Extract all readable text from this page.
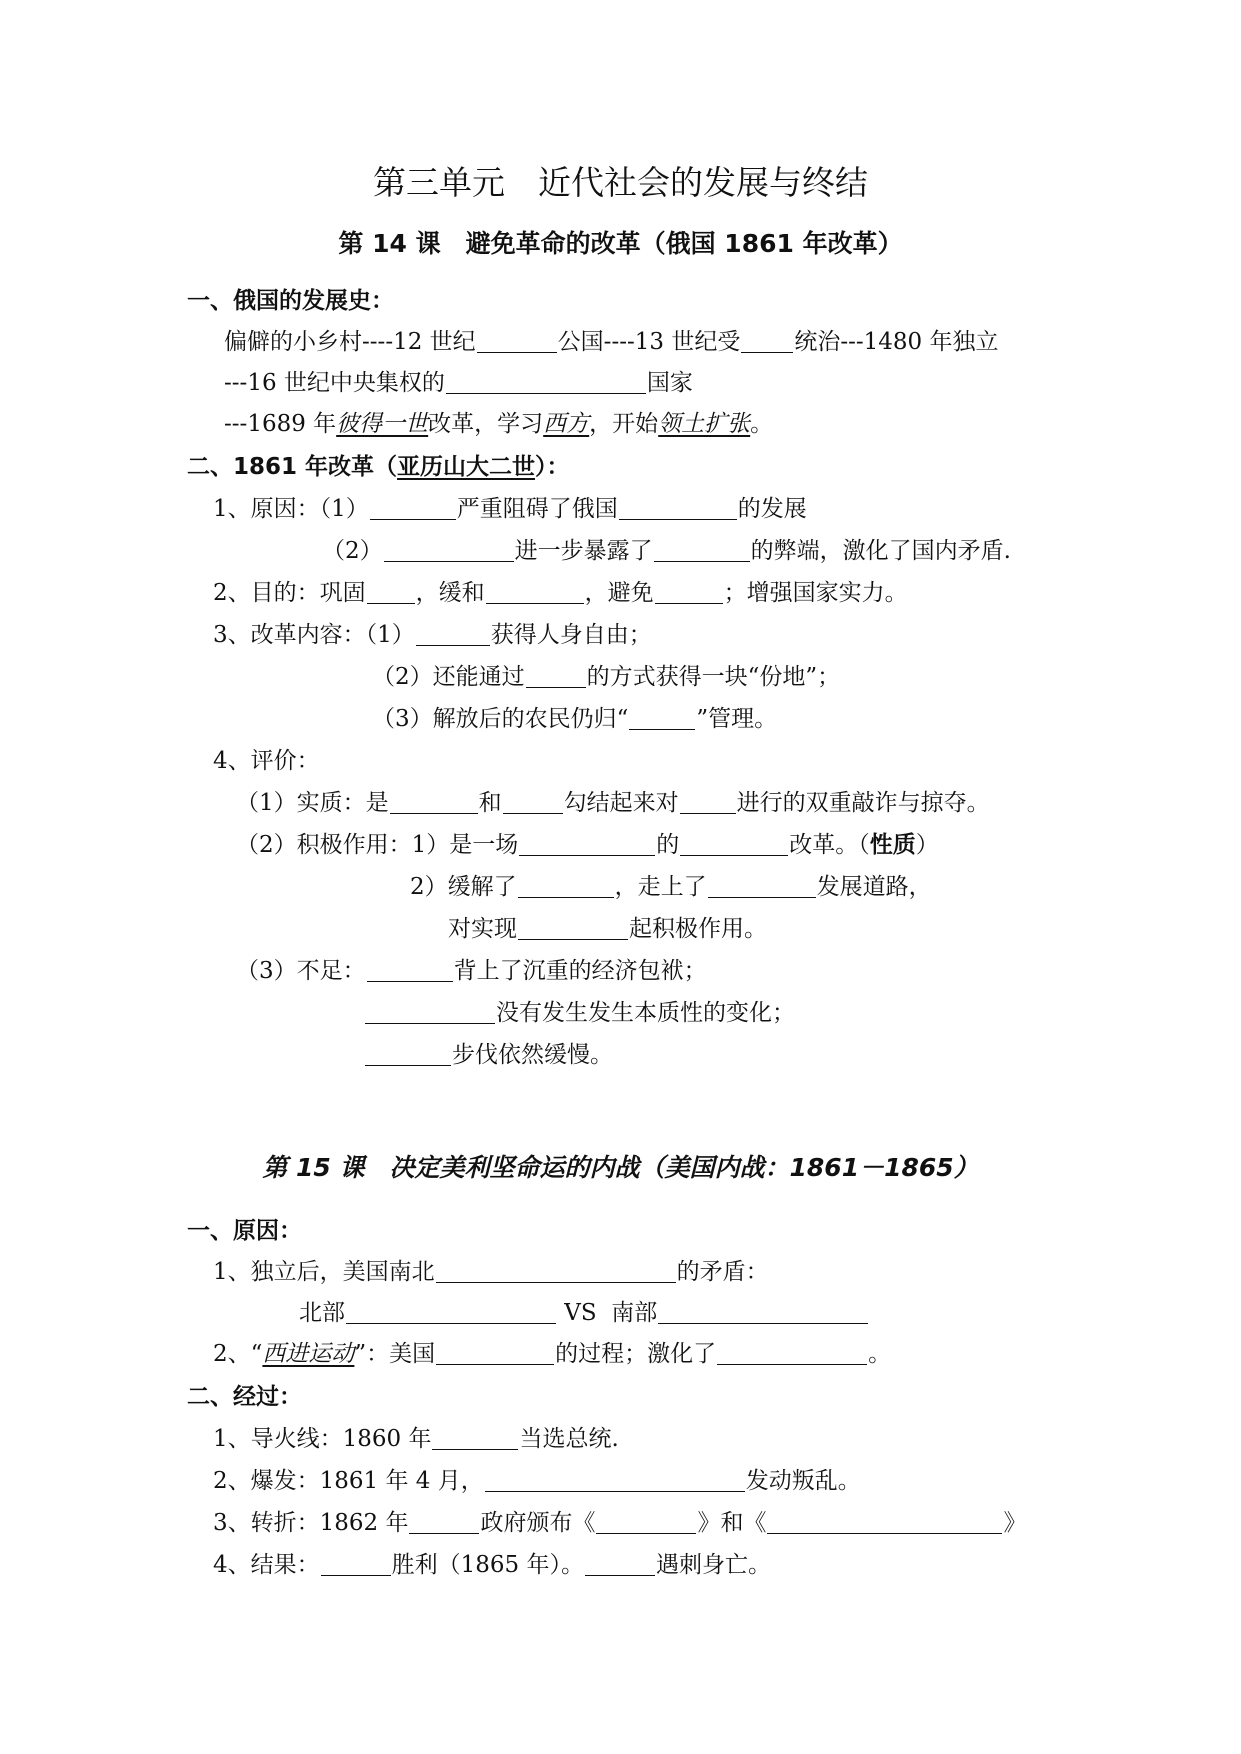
第三单元　近代社会的发展与终结
第 14 课　避免革命的改革（俄国 1861 年改革）
一、俄国的发展史：
偏僻的小乡村----12 世纪	公国----13 世纪受 统治---1480 年独立
---16 世纪中央集权的	国家
---1689 年彼得一世改革，学习西方，开始领土扩张。
二、1861 年改革（亚历山大二世）：
1、原因：（1）	严重阻碍了俄国	的发展
（2）	进一步暴露了	的弊端，激化了国内矛盾.
2、目的：巩固 ，缓和	，避免	；增强国家实力。
3、改革内容：（1）	获得人身自由；
（2）还能通过	的方式获得一块“份地”；
（3）解放后的农民仍归“	”管理。
4、评价：
（1）实质：是	和	勾结起来对	进行的双重敲诈与掠夺。
（2）积极作用：1）是一场	的	改革。（性质）
2）缓解了	，走上了	发展道路，
对实现	起积极作用。
（3）不足：	背上了沉重的经济包袱；
没有发生发生本质性的变化；
步伐依然缓慢。
第 15 课　决定美利坚命运的内战（美国内战：1861－1865）
一、原因：
1、独立后，美国南北	的矛盾：
北部	VS  南部
2、“西进运动”：美国	的过程；激化了	。
二、经过：
1、导火线：1860 年	当选总统.
2、爆发：1861 年 4 月，	发动叛乱。
3、转折：1862 年	政府颁布《	》和《	》
4、结果：	胜利（1865 年）。	遇刺身亡。
